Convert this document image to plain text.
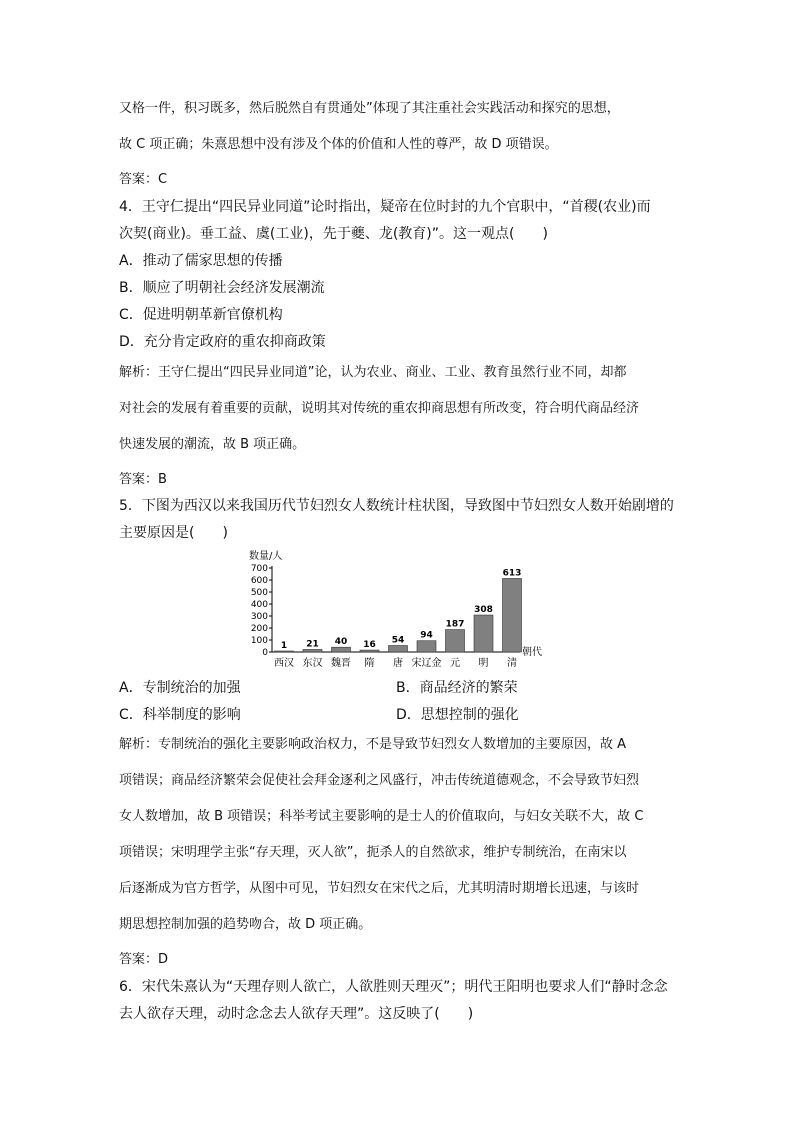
又格一件，积习既多，然后脱然自有贯通处”体现了其注重社会实践活动和探究的思想，
故 C 项正确；朱熹思想中没有涉及个体的价值和人性的尊严，故 D 项错误。
答案：C
4．王守仁提出“四民异业同道”论时指出，疑帝在位时封的九个官职中，“首稷(农业)而
次契(商业)。垂工益、虞(工业)，先于夔、龙(教育)”。这一观点(　　)
A．推动了儒家思想的传播
B．顺应了明朝社会经济发展潮流
C．促进明朝革新官僚机构
D．充分肯定政府的重农抑商政策
解析：王守仁提出“四民异业同道”论，认为农业、商业、工业、教育虽然行业不同，却都
对社会的发展有着重要的贡献，说明其对传统的重农抑商思想有所改变，符合明代商品经济
快速发展的潮流，故 B 项正确。
答案：B
5．下图为西汉以来我国历代节妇烈女人数统计柱状图，导致图中节妇烈女人数开始剧增的
主要原因是(　　)
0
100
200
300
400
500
600
700
数量/人
朝代
1
西汉
21
东汉
40
魏晋
16
隋
54
唐
94
宋辽金
187
元
308
明
613
清
A．专制统治的加强	B．商品经济的繁荣
C．科举制度的影响	D．思想控制的强化
解析：专制统治的强化主要影响政治权力，不是导致节妇烈女人数增加的主要原因，故 A
项错误；商品经济繁荣会促使社会拜金逐利之风盛行，冲击传统道德观念，不会导致节妇烈
女人数增加，故 B 项错误；科举考试主要影响的是士人的价值取向，与妇女关联不大，故 C
项错误；宋明理学主张“存天理，灭人欲”，扼杀人的自然欲求，维护专制统治，在南宋以
后逐渐成为官方哲学，从图中可见，节妇烈女在宋代之后，尤其明清时期增长迅速，与该时
期思想控制加强的趋势吻合，故 D 项正确。
答案：D
6．宋代朱熹认为“天理存则人欲亡，人欲胜则天理灭”；明代王阳明也要求人们“静时念念
去人欲存天理，动时念念去人欲存天理”。这反映了(　　)
